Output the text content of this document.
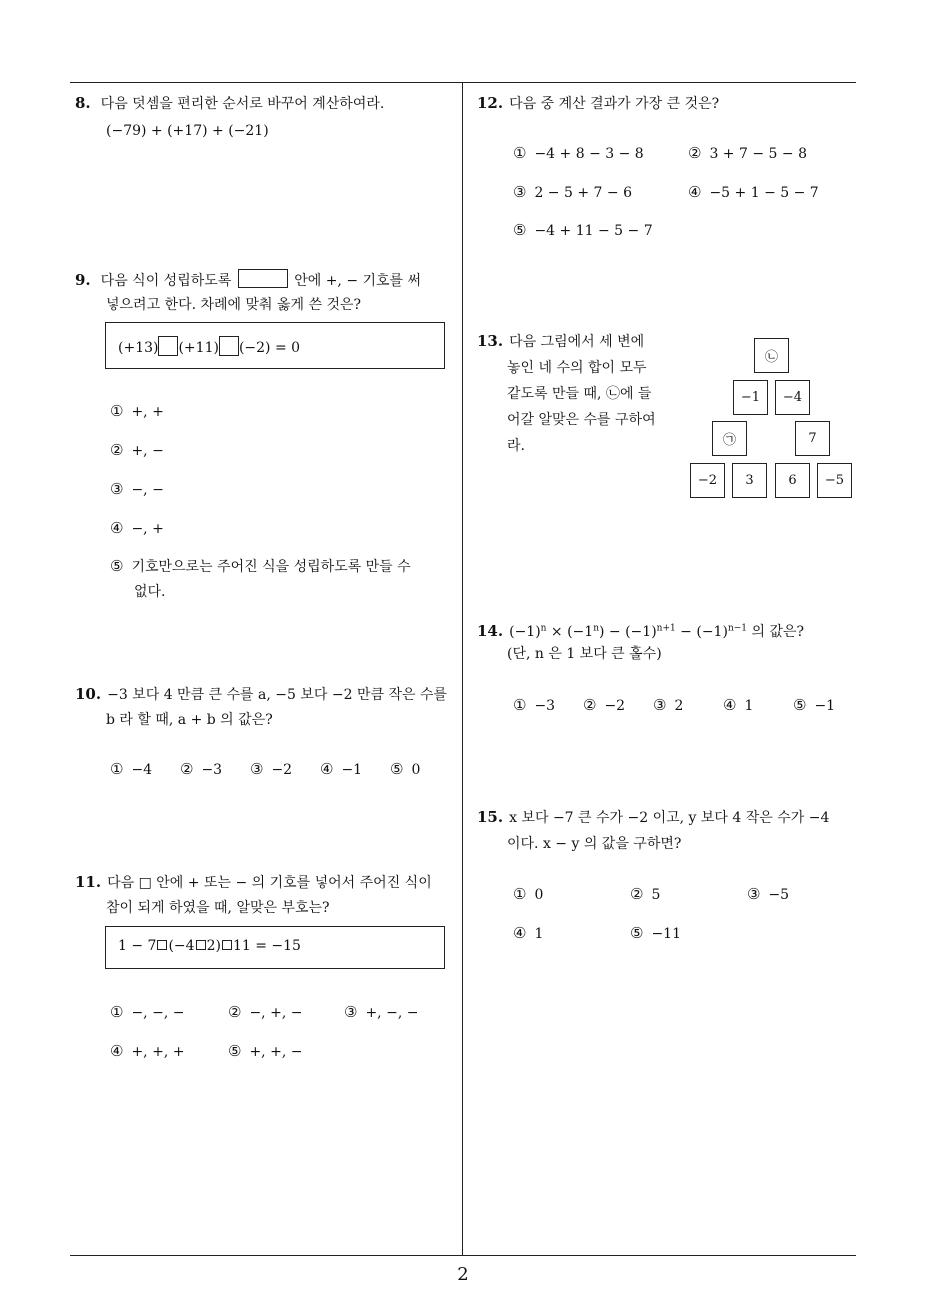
8. 다음 덧셈을 편리한 순서로 바꾸어 계산하여라.
(−79) + (+17) + (−21)
9. 다음 식이 성립하도록	안에 +, − 기호를 써
넣으려고 한다. 차례에 맞춰 옳게 쓴 것은?
(+13) (+11) (−2) = 0
① +, +
② +, −
③ −, −
④ −, +
⑤ 기호만으로는 주어진 식을 성립하도록 만들 수
없다.
10. −3 보다 4 만큼 큰 수를 a, −5 보다 −2 만큼 작은 수를
b 라 할 때, a + b 의 값은?
① −4 ② −3 ③ −2 ④ −1 ⑤ 0
11. 다음 □ 안에 + 또는 − 의 기호를 넣어서 주어진 식이
참이 되게 하였을 때, 알맞은 부호는?
1 − 7 (−4 2) 11 = −15
① −, −, −	② −, +, −	③ +, −, −
④ +, +, +	⑤ +, +, −
12. 다음 중 계산 결과가 가장 큰 것은?
① −4 + 8 − 3 − 8	② 3 + 7 − 5 − 8
③ 2 − 5 + 7 − 6	④ −5 + 1 − 5 − 7
⑤ −4 + 11 − 5 − 7
13. 다음 그림에서 세 변에
놓인 네 수의 합이 모두
같도록 만들 때, ㉡에 들
어갈 알맞은 수를 구하여
라.
㉡
−1	−4
㉠	7
−2	3	6	−5
14. $(-1)^n \times (-1^n) - (-1)^{n+1} - (-1)^{n-1}$ 의 값은?
(단, n 은 1 보다 큰 홀수)
① −3 ② −2 ③ 2	④ 1	⑤ −1
15. x 보다 −7 큰 수가 −2 이고, y 보다 4 작은 수가 −4
이다. x − y 의 값을 구하면?
① 0	② 5	③ −5
④ 1	⑤ −11
2
